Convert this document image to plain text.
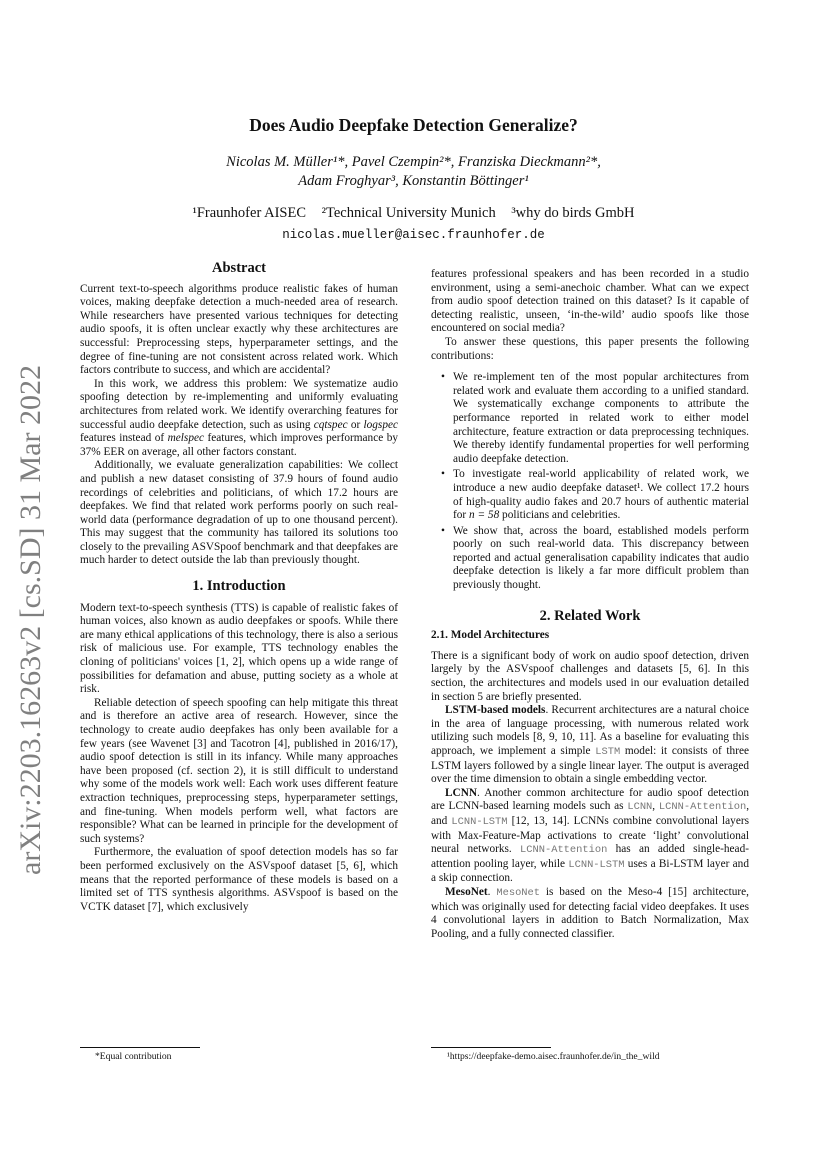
arXiv:2203.16263v2 [cs.SD] 31 Mar 2022
Does Audio Deepfake Detection Generalize?
Nicolas M. Müller¹*, Pavel Czempin²*, Franziska Dieckmann²*,
Adam Froghyar³, Konstantin Böttinger¹
¹Fraunhofer AISEC ²Technical University Munich ³why do birds GmbH
nicolas.mueller@aisec.fraunhofer.de
Abstract

Current text-to-speech algorithms produce realistic fakes of human voices, making deepfake detection a much-needed area of research. While researchers have presented various techniques for detecting audio spoofs, it is often unclear exactly why these architectures are successful: Preprocessing steps, hyperparameter settings, and the degree of fine-tuning are not consistent across related work. Which factors contribute to success, and which are accidental?

In this work, we address this problem: We systematize audio spoofing detection by re-implementing and uniformly evaluating architectures from related work. We identify overarching features for successful audio deepfake detection, such as using cqtspec or logspec features instead of melspec features, which improves performance by 37% EER on average, all other factors constant.

Additionally, we evaluate generalization capabilities: We collect and publish a new dataset consisting of 37.9 hours of found audio recordings of celebrities and politicians, of which 17.2 hours are deepfakes. We find that related work performs poorly on such real-world data (performance degradation of up to one thousand percent). This may suggest that the community has tailored its solutions too closely to the prevailing ASVSpoof benchmark and that deepfakes are much harder to detect outside the lab than previously thought.

1. Introduction

Modern text-to-speech synthesis (TTS) is capable of realistic fakes of human voices, also known as audio deepfakes or spoofs. While there are many ethical applications of this technology, there is also a serious risk of malicious use. For example, TTS technology enables the cloning of politicians' voices [1, 2], which opens up a wide range of possibilities for defamation and abuse, putting society as a whole at risk.

Reliable detection of speech spoofing can help mitigate this threat and is therefore an active area of research. However, since the technology to create audio deepfakes has only been available for a few years (see Wavenet [3] and Tacotron [4], published in 2016/17), audio spoof detection is still in its infancy. While many approaches have been proposed (cf. section 2), it is still difficult to understand why some of the models work well: Each work uses different feature extraction techniques, preprocessing steps, hyperparameter settings, and fine-tuning. When models perform well, what factors are responsible? What can be learned in principle for the development of such systems?

Furthermore, the evaluation of spoof detection models has so far been performed exclusively on the ASVspoof dataset [5, 6], which means that the reported performance of these models is based on a limited set of TTS synthesis algorithms. ASVspoof is based on the VCTK dataset [7], which exclusively

*Equal contribution

features professional speakers and has been recorded in a studio environment, using a semi-anechoic chamber. What can we expect from audio spoof detection trained on this dataset? Is it capable of detecting realistic, unseen, ‘in-the-wild’ audio spoofs like those encountered on social media?

To answer these questions, this paper presents the following contributions:

• We re-implement ten of the most popular architectures from related work and evaluate them according to a unified standard. We systematically exchange components to attribute the performance reported in related work to either model architecture, feature extraction or data preprocessing techniques. We thereby identify fundamental properties for well performing audio deepfake detection.
• To investigate real-world applicability of related work, we introduce a new audio deepfake dataset¹. We collect 17.2 hours of high-quality audio fakes and 20.7 hours of authentic material for n = 58 politicians and celebrities.
• We show that, across the board, established models perform poorly on such real-world data. This discrepancy between reported and actual generalisation capability indicates that audio deepfake detection is likely a far more difficult problem than previously thought.
2. Related Work
2.1. Model Architectures

There is a significant body of work on audio spoof detection, driven largely by the ASVspoof challenges and datasets [5, 6]. In this section, the architectures and models used in our evaluation detailed in section 5 are briefly presented.

LSTM-based models. Recurrent architectures are a natural choice in the area of language processing, with numerous related work utilizing such models [8, 9, 10, 11]. As a baseline for evaluating this approach, we implement a simple LSTM model: it consists of three LSTM layers followed by a single linear layer. The output is averaged over the time dimension to obtain a single embedding vector.

LCNN. Another common architecture for audio spoof detection are LCNN-based learning models such as LCNN, LCNN-Attention, and LCNN-LSTM [12, 13, 14]. LCNNs combine convolutional layers with Max-Feature-Map activations to create ‘light’ convolutional neural networks. LCNN-Attention has an added single-head-attention pooling layer, while LCNN-LSTM uses a Bi-LSTM layer and a skip connection.

MesoNet. MesoNet is based on the Meso-4 [15] architecture, which was originally used for detecting facial video deepfakes. It uses 4 convolutional layers in addition to Batch Normalization, Max Pooling, and a fully connected classifier.

¹https://deepfake-demo.aisec.fraunhofer.de/in_the_wild
